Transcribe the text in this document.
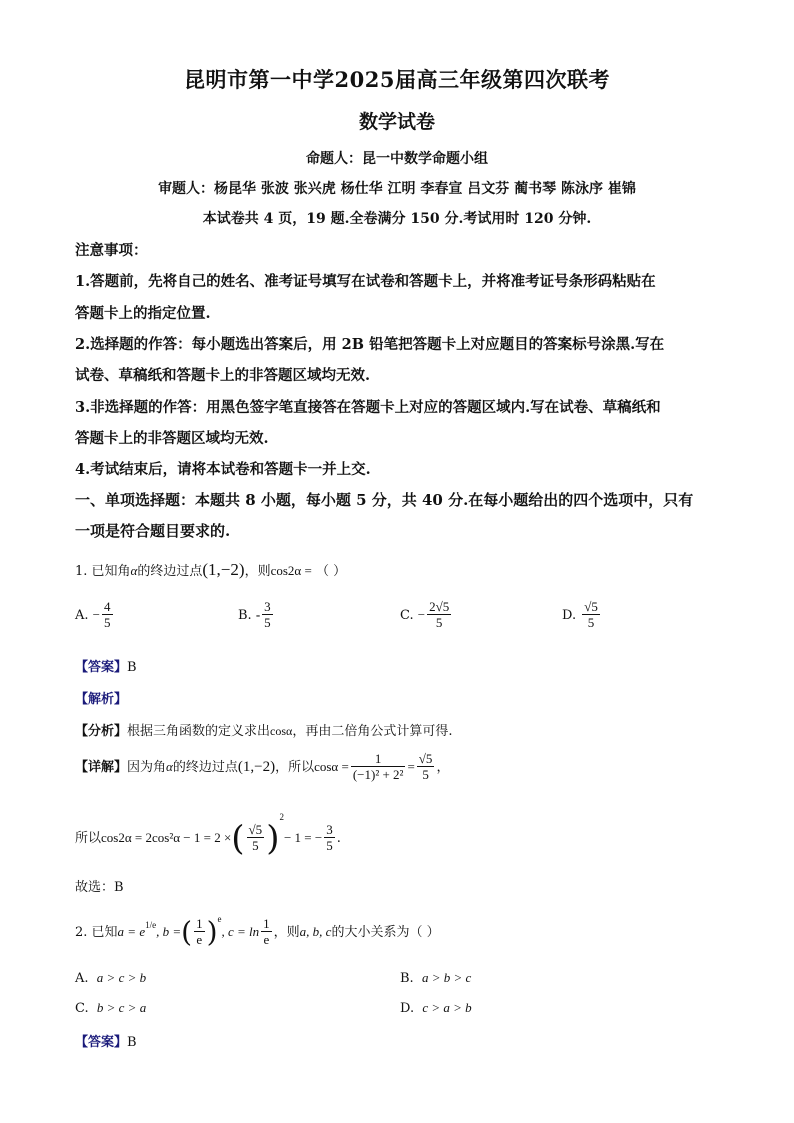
昆明市第一中学2025届高三年级第四次联考
数学试卷
命题人：昆一中数学命题小组
审题人：杨昆华 张波 张兴虎 杨仕华 江明 李春宣 吕文芬 蔺书琴 陈泳序 崔锦
本试卷共 4 页，19 题.全卷满分 150 分.考试用时 120 分钟.
注意事项：
1.答题前，先将自己的姓名、准考证号填写在试卷和答题卡上，并将准考证号条形码粘贴在
答题卡上的指定位置.
2.选择题的作答：每小题选出答案后，用 2B 铅笔把答题卡上对应题目的答案标号涂黑.写在
试卷、草稿纸和答题卡上的非答题区域均无效.
3.非选择题的作答：用黑色签字笔直接答在答题卡上对应的答题区域内.写在试卷、草稿纸和
答题卡上的非答题区域均无效.
4.考试结束后，请将本试卷和答题卡一并上交.
一、单项选择题：本题共 8 小题，每小题 5 分，共 40 分.在每小题给出的四个选项中，只有
一项是符合题目要求的.
1. 已知角α的终边过点(1,−2)，则cos2α = （ ）
A. − $\frac{4}{5}$	B. - $\frac{3}{5}$	C. − $\frac{2√5}{5}$	D. $\frac{√5}{5}$
【答案】B
【解析】
【分析】根据三角函数的定义求出cosα，再由二倍角公式计算可得.
【详解】因为角α的终边过点(1,−2)，所以$\cos\alpha = \frac{1}{\text{(−1)² + 2²}} = \frac{√5}{5}$ ，
所以cos2α = 2cos²α − 1 = 2 ×( $\frac{√5}{5} )^2- 1$ = − $\frac{3}{5}$ .
故选：B
2. 已知$a = e^{1/e}$, b =( $\frac{1}{e} )^e$, $c = \ln \frac{1}{e}$ ，则a, b, c的大小关系为（ ）
A. a > c > b	B. a > b > c
C. b > c > a	D. c > a > b
【答案】B
